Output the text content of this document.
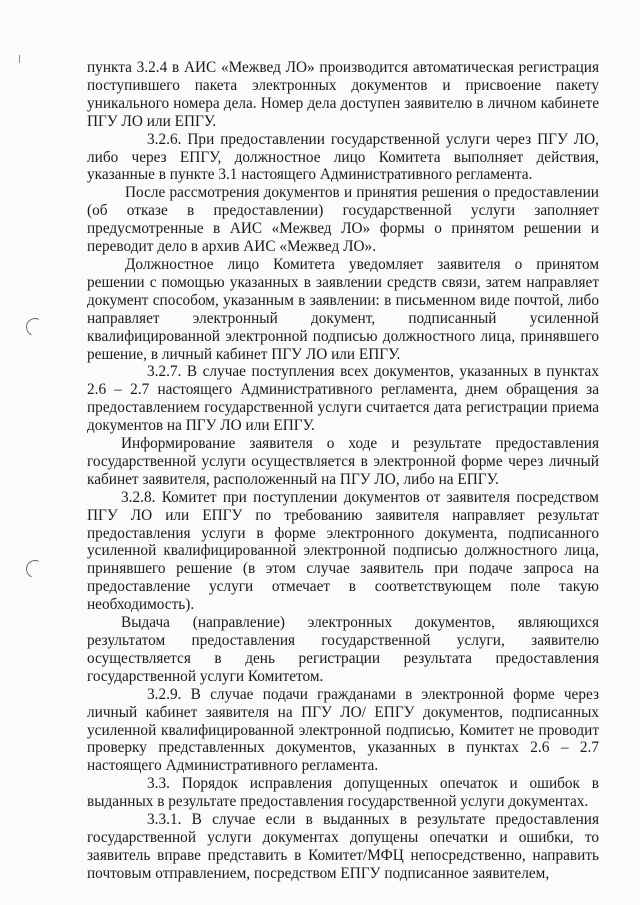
пункта 3.2.4 в АИС «Межвед ЛО» производится автоматическая регистрация поступившего пакета электронных документов и присвоение пакету уникального номера дела. Номер дела доступен заявителю в личном кабинете ПГУ ЛО или ЕПГУ.

3.2.6. При предоставлении государственной услуги через ПГУ ЛО, либо через ЕПГУ, должностное лицо Комитета выполняет действия, указанные в пункте 3.1 настоящего Административного регламента.

После рассмотрения документов и принятия решения о предоставлении (об отказе в предоставлении) государственной услуги заполняет предусмотренные в АИС «Межвед ЛО» формы о принятом решении и переводит дело в архив АИС «Межвед ЛО».

Должностное лицо Комитета уведомляет заявителя о принятом решении с помощью указанных в заявлении средств связи, затем направляет документ способом, указанным в заявлении: в письменном виде почтой, либо направляет электронный документ, подписанный усиленной квалифицированной электронной подписью должностного лица, принявшего решение, в личный кабинет ПГУ ЛО или ЕПГУ.

3.2.7. В случае поступления всех документов, указанных в пунктах 2.6 – 2.7 настоящего Административного регламента, днем обращения за предоставлением государственной услуги считается дата регистрации приема документов на ПГУ ЛО или ЕПГУ.

Информирование заявителя о ходе и результате предоставления государственной услуги осуществляется в электронной форме через личный кабинет заявителя, расположенный на ПГУ ЛО, либо на ЕПГУ.

3.2.8. Комитет при поступлении документов от заявителя посредством ПГУ ЛО или ЕПГУ по требованию заявителя направляет результат предоставления услуги в форме электронного документа, подписанного усиленной квалифицированной электронной подписью должностного лица, принявшего решение (в этом случае заявитель при подаче запроса на предоставление услуги отмечает в соответствующем поле такую необходимость).

Выдача (направление) электронных документов, являющихся результатом предоставления государственной услуги, заявителю осуществляется в день регистрации результата предоставления государственной услуги Комитетом.

3.2.9. В случае подачи гражданами в электронной форме через личный кабинет заявителя на ПГУ ЛО/ ЕПГУ документов, подписанных усиленной квалифицированной электронной подписью, Комитет не проводит проверку представленных документов, указанных в пунктах 2.6 – 2.7 настоящего Административного регламента.

3.3. Порядок исправления допущенных опечаток и ошибок в выданных в результате предоставления государственной услуги документах.

3.3.1. В случае если в выданных в результате предоставления государственной услуги документах допущены опечатки и ошибки, то заявитель вправе представить в Комитет/МФЦ непосредственно, направить почтовым отправлением, посредством ЕПГУ подписанное заявителем,
